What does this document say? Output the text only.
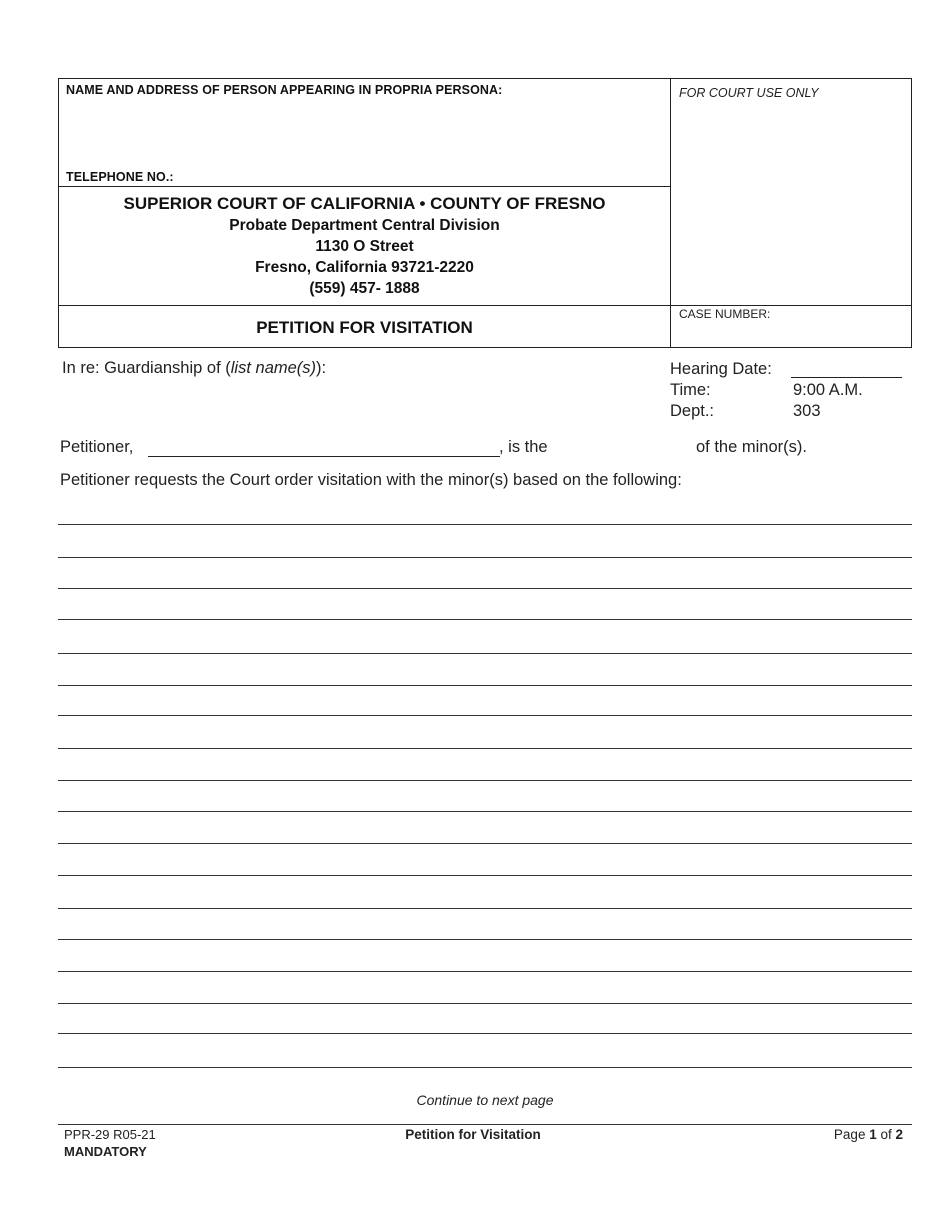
NAME AND ADDRESS OF PERSON APPEARING IN PROPRIA PERSONA:
TELEPHONE NO.:
FOR COURT USE ONLY
CASE NUMBER:
SUPERIOR COURT OF CALIFORNIA • COUNTY OF FRESNO
Probate Department Central Division
1130 O Street
Fresno, California 93721-2220
(559) 457- 1888
PETITION FOR VISITATION
In re: Guardianship of (list name(s)):	Hearing Date:
Time:	9:00 A.M.
Dept.:	303
Petitioner,	, is the	of the minor(s).
Petitioner requests the Court order visitation with the minor(s) based on the following:
Continue to next page
PPR-29 R05-21
MANDATORY
Petition for Visitation	Page 1 of 2
